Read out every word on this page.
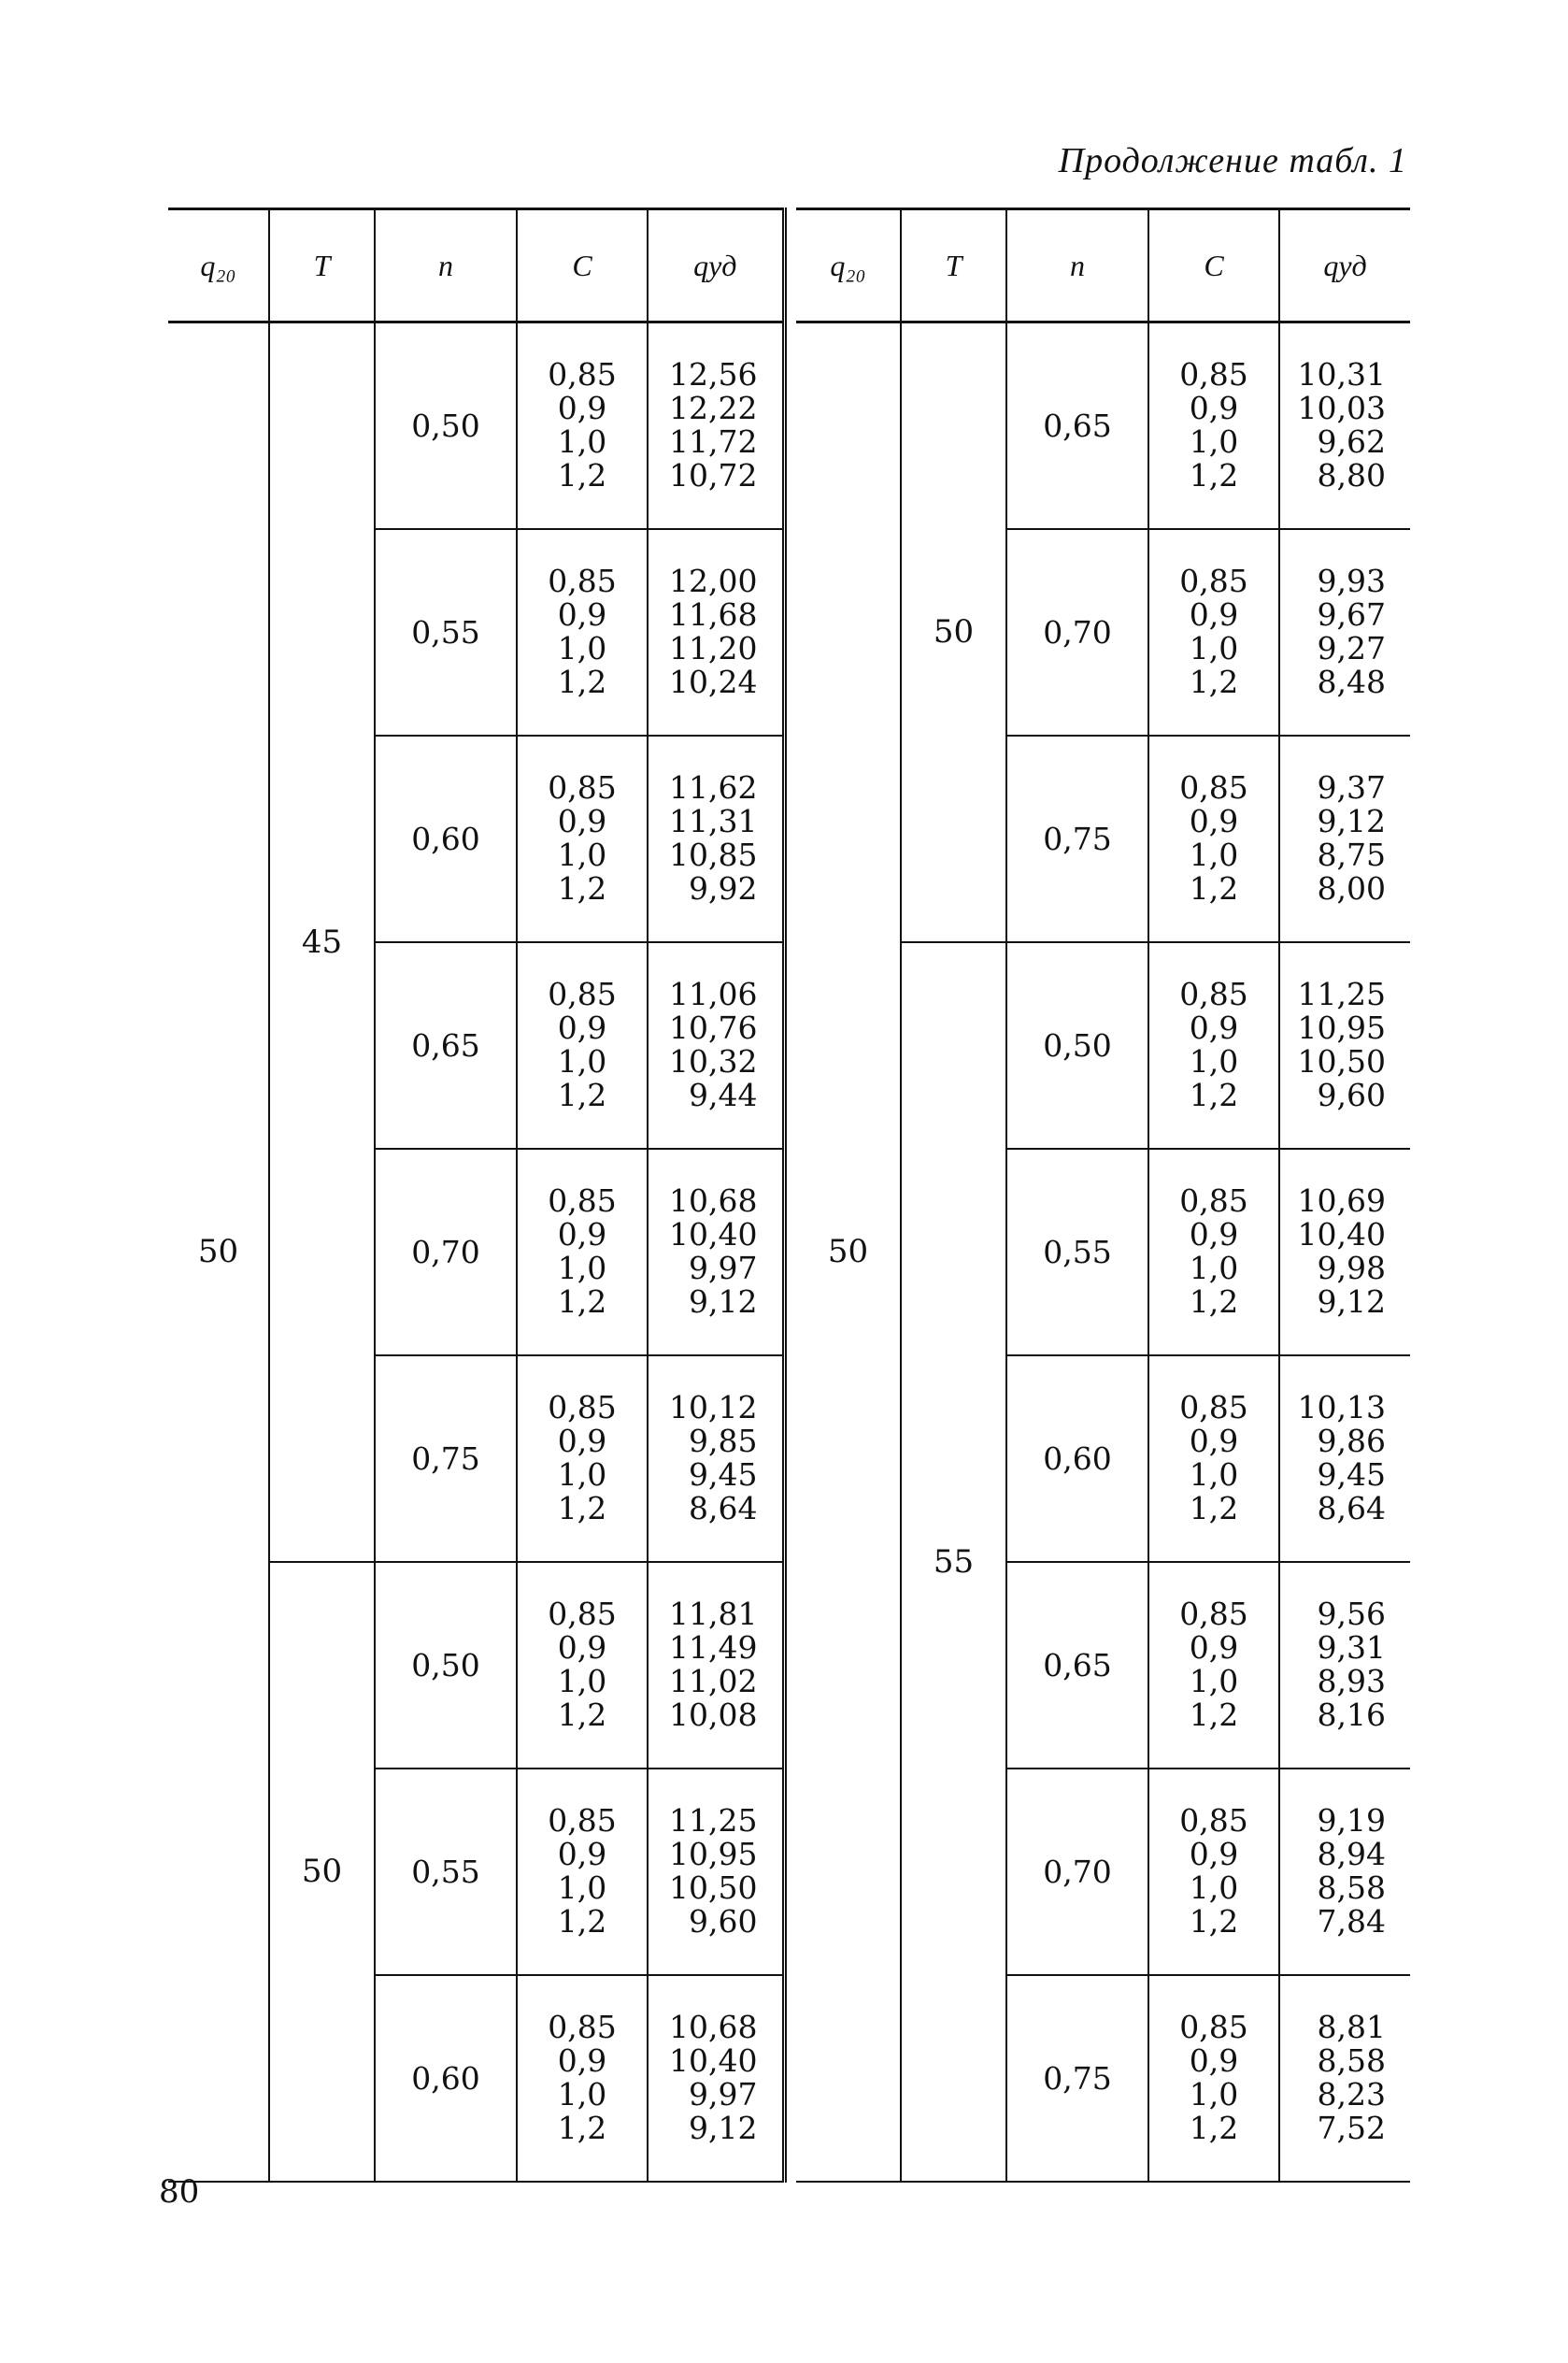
Продолжение табл. 1
q₂₀	T	n	C	qуд
50	45	0,50	0,85
0,9
1,0
1,2	12,56
12,22
11,72
10,72

		0,55	0,85
0,9
1,0
1,2	12,00
11,68
11,20
10,24

		0,60	0,85
0,9
1,0
1,2	11,62
11,31
10,85
9,92

		0,65	0,85
0,9
1,0
1,2	11,06
10,76
10,32
9,44

		0,70	0,85
0,9
1,0
1,2	10,68
10,40
9,97
9,12

		0,75	0,85
0,9
1,0
1,2	10,12
9,85
9,45
8,64

	50	0,50	0,85
0,9
1,0
1,2	11,81
11,49
11,02
10,08

		0,55	0,85
0,9
1,0
1,2	11,25
10,95
10,50
9,60

		0,60	0,85
0,9
1,0
1,2	10,68
10,40
9,97
9,12
q₂₀	T	n	C	qуд
50	50	0,65	0,85
0,9
1,0
1,2	10,31
10,03
9,62
8,80

		0,70	0,85
0,9
1,0
1,2	9,93
9,67
9,27
8,48

		0,75	0,85
0,9
1,0
1,2	9,37
9,12
8,75
8,00

	55	0,50	0,85
0,9
1,0
1,2	11,25
10,95
10,50
9,60

		0,55	0,85
0,9
1,0
1,2	10,69
10,40
9,98
9,12

		0,60	0,85
0,9
1,0
1,2	10,13
9,86
9,45
8,64

		0,65	0,85
0,9
1,0
1,2	9,56
9,31
8,93
8,16

		0,70	0,85
0,9
1,0
1,2	9,19
8,94
8,58
7,84

		0,75	0,85
0,9
1,0
1,2	8,81
8,58
8,23
7,52
80
